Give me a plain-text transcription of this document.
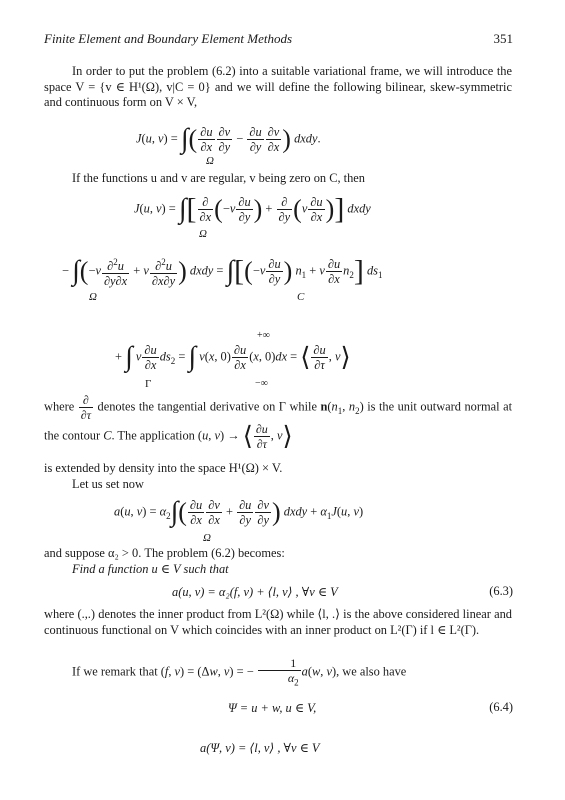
Finite Element and Boundary Element Methods	351
In order to put the problem (6.2) into a suitable variational frame, we will introduce the space V = {v ∈ H¹(Ω), v|C = 0} and we will define the following bilinear, skew-symmetric and continuous form on V × V,
J(u, v) = ∫( $\frac{\partial u}{\partial x} \frac{\partial v}{\partial y} - \frac{\partial u}{\partial y} \frac{\partial v}{\partial x}$ ) dxdy.
Ω
If the functions u and v are regular, v being zero on C, then
J(u, v) = ∫[ $\frac{\partial}{\partial x} (-v \frac{\partial u}{\partial y}$ ) + $\frac{\partial}{\partial y} (v \frac{\partial u}{\partial x}$ )] dxdy
Ω
− $\int(-v \frac{\partial^2u}{\partial y\partial x} + v \frac{\partial^2u}{\partial x\partial y}$ ) dxdy = $\int[(-v \frac{\partial u}{\partial y}$ ) $n_1 + v \frac{\partial u}{\partial x} n_2$] $ds_1$
Ω	C
+∞
+ ∫ v $\frac{\partial u}{\partial x} ds_2$ = ∫ v(x, $0) \frac{\partial u}{\partial x} (x$, 0)dx = ⟨ $\frac{\partial u}{\partial\tau}$ , v⟩
Γ	−∞
where $\frac{\partial}{\partial\tau}$ denotes the tangential derivative on Γ while $n(n_1$, $n_2$) is the unit outward normal at the contour C. The application (u, v) → ⟨ $\frac{\partial u}{\partial\tau}$ , v⟩
is extended by density into the space H¹(Ω) × V.
Let us set now
a(u, $v) = \alpha_2\int( \frac{\partial u}{\partial x} \frac{\partial v}{\partial x} + \frac{\partial u}{\partial y} \frac{\partial v}{\partial y}$ ) dxdy + $\alpha_1J(u$, v)
Ω
and suppose α₂ > 0. The problem (6.2) becomes:
Find a function u ∈ V such that
a(u, v) = α₂(f, v) + ⟨l, v⟩ , ∀v ∈ V	(6.3)
where (.,.) denotes the inner product from L²(Ω) while ⟨l, .⟩ is the above considered linear and continuous functional on V which coincides with an inner product on L²(Γ) if l ∈ L²(Γ).
If we remark that (f, v) = (Δw, v) = − $\frac{1}{\alpha_2} a(w$, v), we also have
Ψ = u + w, u ∈ V,	(6.4)
a(Ψ, v) = ⟨l, v⟩ , ∀v ∈ V
